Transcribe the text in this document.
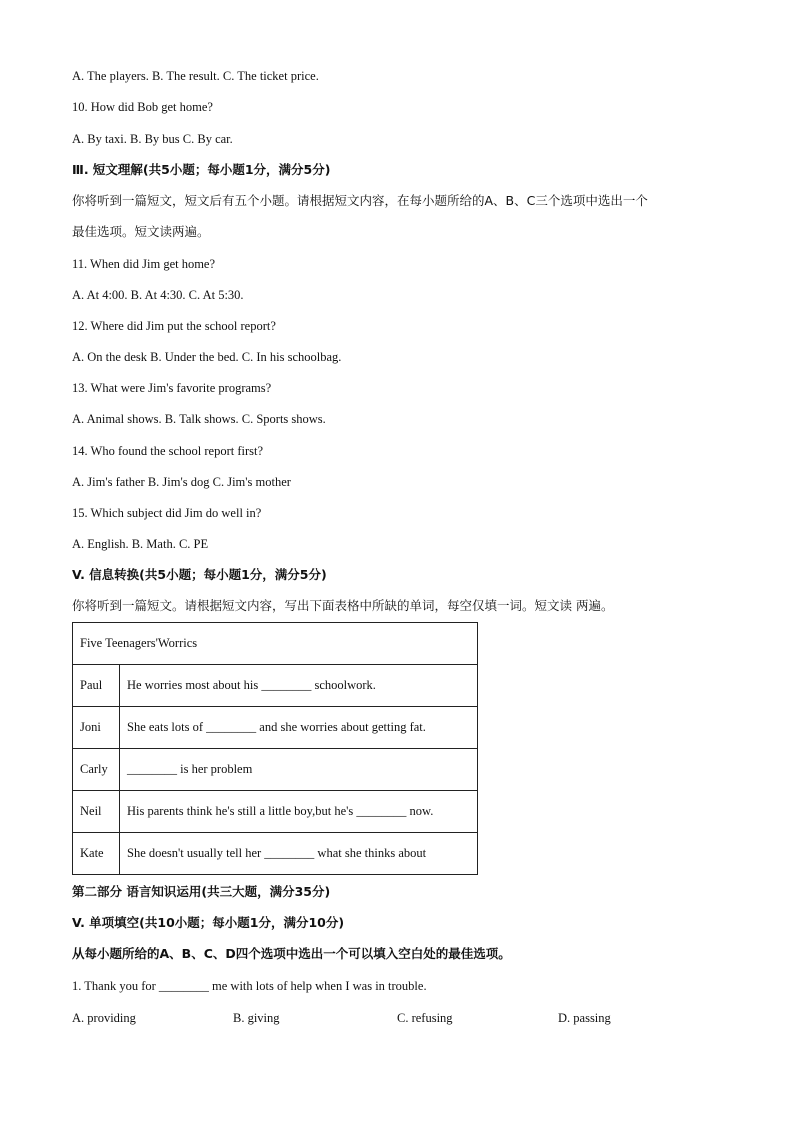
A. The players. B. The result. C. The ticket price.
10. How did Bob get home?
A. By taxi. B. By bus C. By car.
Ⅲ. 短文理解(共5小题；每小题1分，满分5分)
你将听到一篇短文，短文后有五个小题。请根据短文内容，在每小题所给的A、B、C三个选项中选出一个
最佳选项。短文读两遍。
11. When did Jim get home?
A. At 4:00. B. At 4:30. C. At 5:30.
12. Where did Jim put the school report?
A. On the desk B. Under the bed. C. In his schoolbag.
13. What were Jim's favorite programs?
A. Animal shows. B. Talk shows. C. Sports shows.
14. Who found the school report first?
A. Jim's father B. Jim's dog C. Jim's mother
15. Which subject did Jim do well in?
A. English. B. Math. C. PE
V. 信息转换(共5小题；每小题1分，满分5分)
你将听到一篇短文。请根据短文内容，写出下面表格中所缺的单词，每空仅填一词。短文读 两遍。
Five Teenagers'Worrics	
Paul	He worries most about his ________ schoolwork.
Joni	She eats lots of ________ and she worries about getting fat.
Carly	________ is her problem
Neil	His parents think he's still a little boy,but he's ________ now.
Kate	She doesn't usually tell her ________ what she thinks about
第二部分 语言知识运用(共三大题，满分35分)
V. 单项填空(共10小题；每小题1分，满分10分)
从每小题所给的A、B、C、D四个选项中选出一个可以填入空白处的最佳选项。
1. Thank you for ________ me with lots of help when I was in trouble.
A. providing	B. giving	C. refusing	D. passing
